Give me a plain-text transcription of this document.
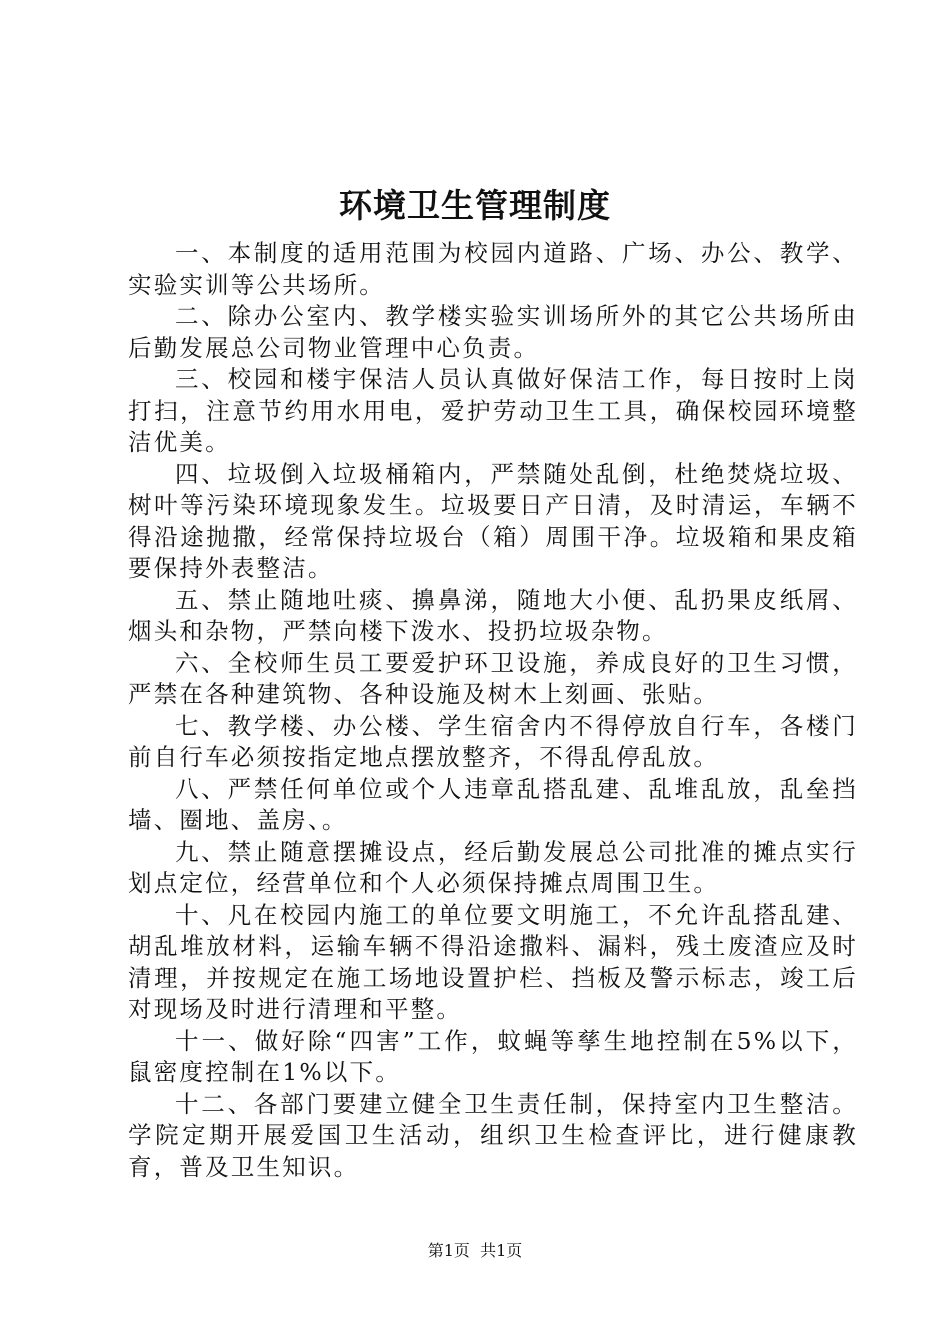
环境卫生管理制度

一、本制度的适用范围为校园内道路、广场、办公、教学、实验实训等公共场所。

二、除办公室内、教学楼实验实训场所外的其它公共场所由后勤发展总公司物业管理中心负责。

三、校园和楼宇保洁人员认真做好保洁工作，每日按时上岗打扫，注意节约用水用电，爱护劳动卫生工具，确保校园环境整洁优美。

四、垃圾倒入垃圾桶箱内，严禁随处乱倒，杜绝焚烧垃圾、树叶等污染环境现象发生。垃圾要日产日清，及时清运，车辆不得沿途抛撒，经常保持垃圾台（箱）周围干净。垃圾箱和果皮箱要保持外表整洁。

五、禁止随地吐痰、擤鼻涕，随地大小便、乱扔果皮纸屑、烟头和杂物，严禁向楼下泼水、投扔垃圾杂物。

六、全校师生员工要爱护环卫设施，养成良好的卫生习惯，严禁在各种建筑物、各种设施及树木上刻画、张贴。

七、教学楼、办公楼、学生宿舍内不得停放自行车，各楼门前自行车必须按指定地点摆放整齐，不得乱停乱放。

八、严禁任何单位或个人违章乱搭乱建、乱堆乱放，乱垒挡墙、圈地、盖房、。

九、禁止随意摆摊设点，经后勤发展总公司批准的摊点实行划点定位，经营单位和个人必须保持摊点周围卫生。

十、凡在校园内施工的单位要文明施工，不允许乱搭乱建、胡乱堆放材料，运输车辆不得沿途撒料、漏料，残土废渣应及时清理，并按规定在施工场地设置护栏、挡板及警示标志，竣工后对现场及时进行清理和平整。

十一、做好除“四害”工作，蚊蝇等孳生地控制在5%以下，鼠密度控制在1%以下。

十二、各部门要建立健全卫生责任制，保持室内卫生整洁。学院定期开展爱国卫生活动，组织卫生检查评比，进行健康教育，普及卫生知识。

第1页  共1页
